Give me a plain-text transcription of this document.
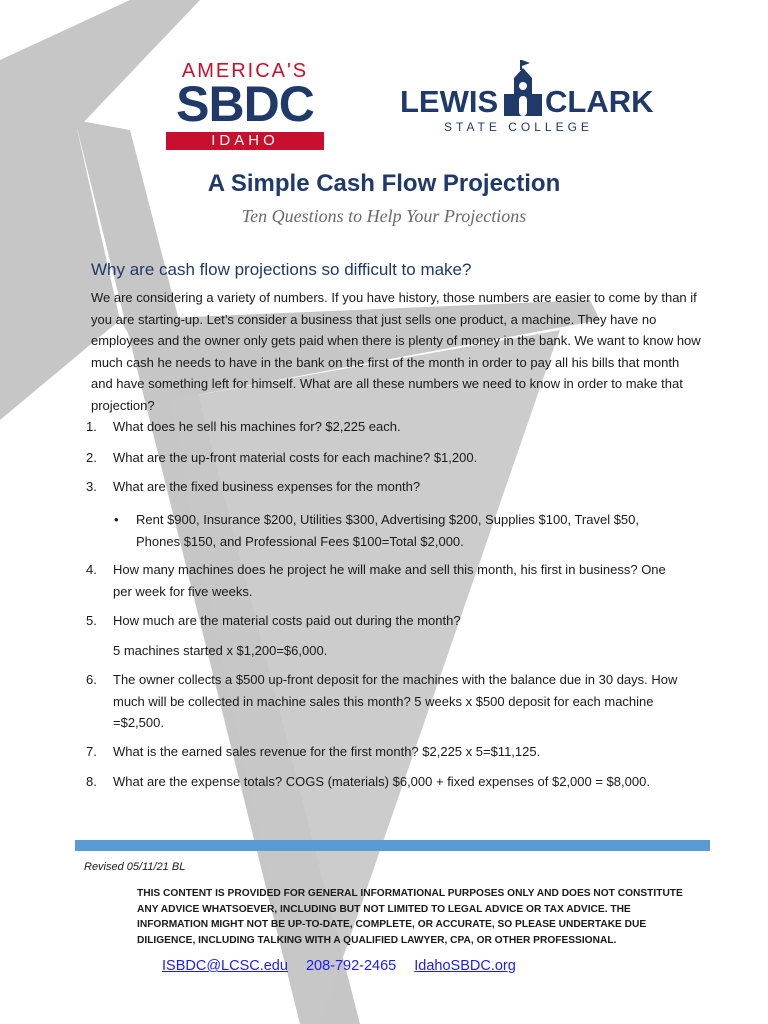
AMERICA'S
SBDC
IDAHO
LEWIS CLARK
STATE COLLEGE
A Simple Cash Flow Projection
Ten Questions to Help Your Projections
Why are cash flow projections so difficult to make?

We are considering a variety of numbers. If you have history, those numbers are easier to come by than if you are starting-up. Let’s consider a business that just sells one product, a machine. They have no employees and the owner only gets paid when there is plenty of money in the bank. We want to know how much cash he needs to have in the bank on the first of the month in order to pay all his bills that month and have something left for himself. What are all these numbers we need to know in order to make that projection?

1.	What does he sell his machines for? $2,225 each.
2.	What are the up-front material costs for each machine? $1,200.
3.	What are the fixed business expenses for the month?
• Rent $900, Insurance $200, Utilities $300, Advertising $200, Supplies $100, Travel $50, Phones $150, and Professional Fees $100=Total $2,000.
4.	How many machines does he project he will make and sell this month, his first in business? One per week for five weeks.
5.	How much are the material costs paid out during the month?
5 machines started x $1,200=$6,000.
6.	The owner collects a $500 up-front deposit for the machines with the balance due in 30 days. How much will be collected in machine sales this month? 5 weeks x $500 deposit for each machine =$2,500.
7.	What is the earned sales revenue for the first month? $2,225 x 5=$11,125.
8.	What are the expense totals? COGS (materials) $6,000 + fixed expenses of $2,000 = $8,000.
Revised 05/11/21 BL

THIS CONTENT IS PROVIDED FOR GENERAL INFORMATIONAL PURPOSES ONLY AND DOES NOT CONSTITUTE ANY ADVICE WHATSOEVER, INCLUDING BUT NOT LIMITED TO LEGAL ADVICE OR TAX ADVICE. THE INFORMATION MIGHT NOT BE UP-TO-DATE, COMPLETE, OR ACCURATE, SO PLEASE UNDERTAKE DUE DILIGENCE, INCLUDING TALKING WITH A QUALIFIED LAWYER, CPA, OR OTHER PROFESSIONAL.

ISBDC@LCSC.edu 208-792-2465 IdahoSBDC.org
